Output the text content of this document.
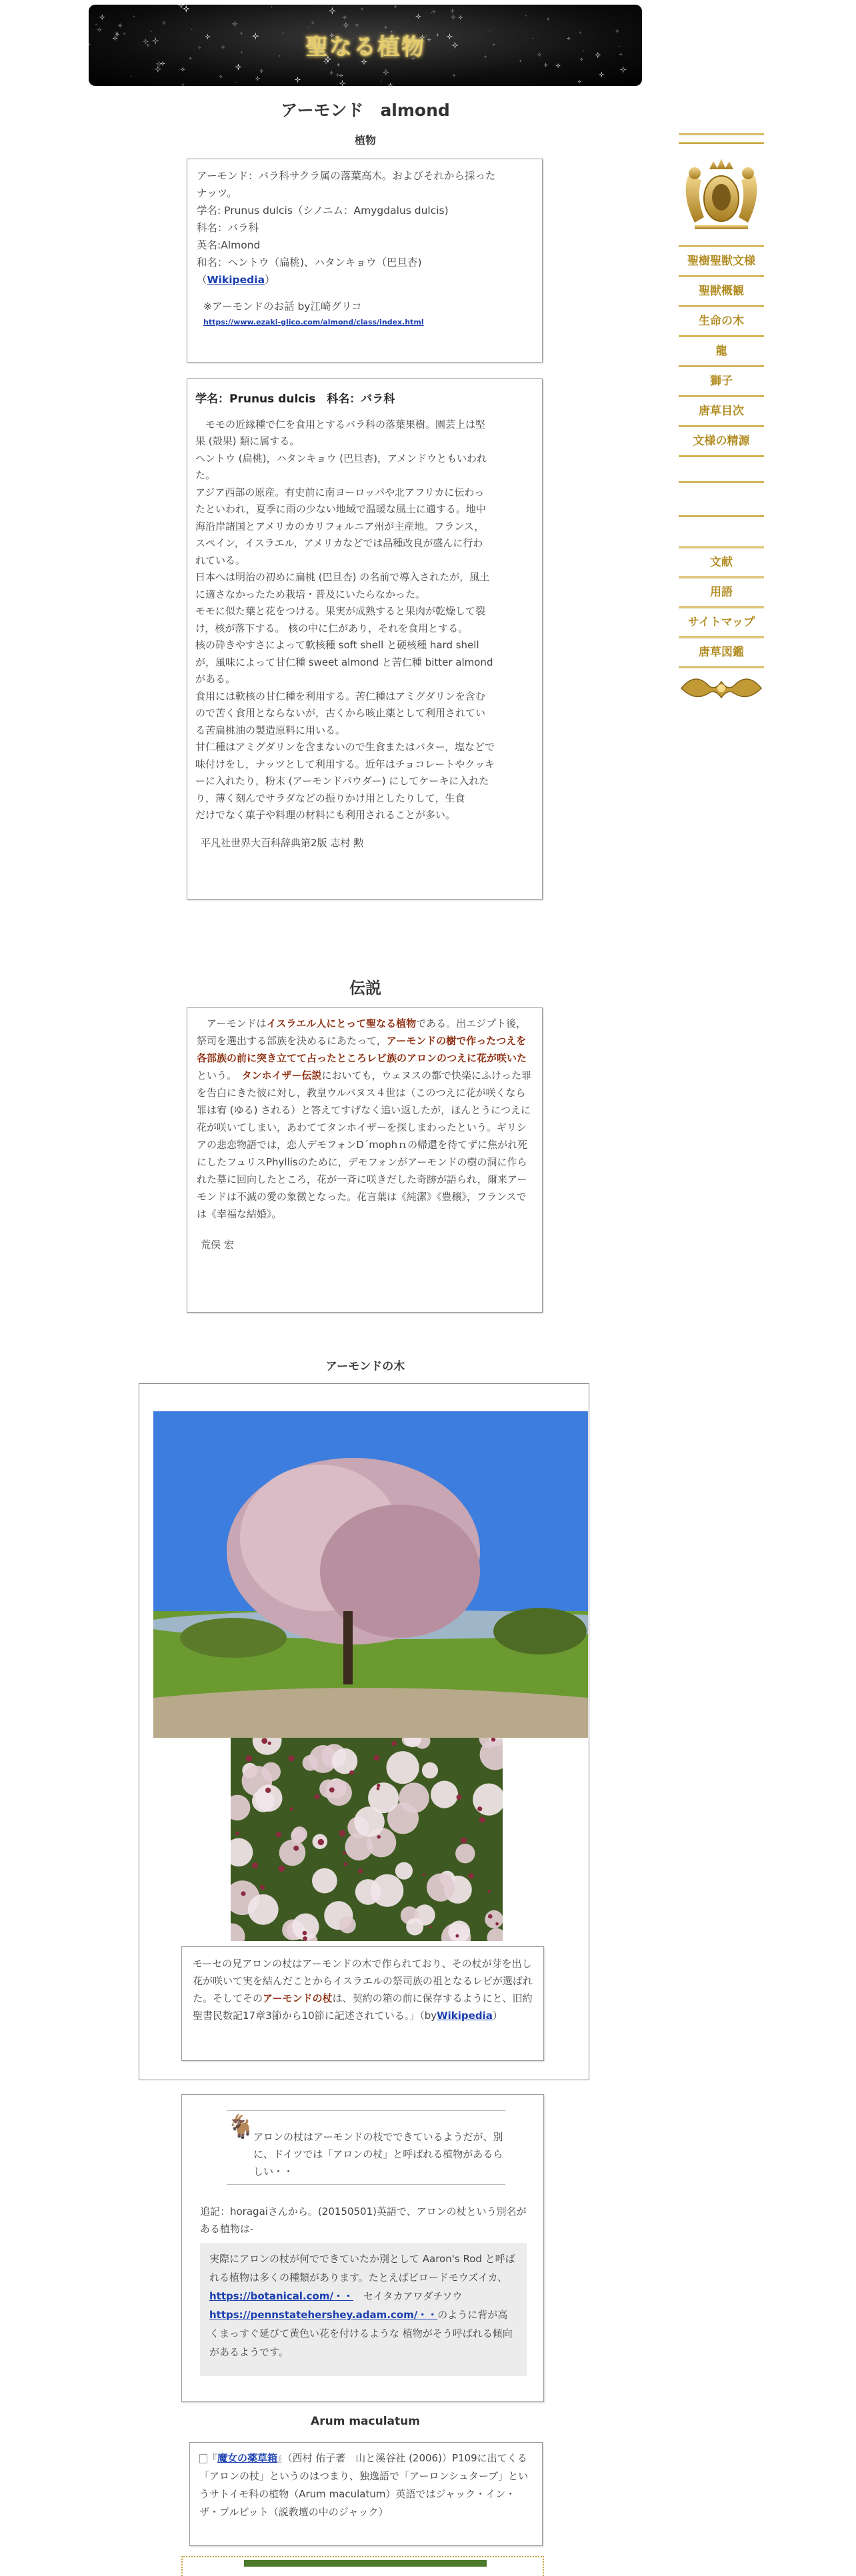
聖なる植物
アーモンド　almond
植物

アーモンド：バラ科サクラ属の落葉高木。およびそれから採った

ナッツ。

学名: Prunus dulcis（シノニム：Amygdalus dulcis)

科名：バラ科

英名:Almond

和名：ヘントウ（扁桃)、ハタンキョウ（巴旦杏)

（Wikipedia）

※アーモンドのお話 by江崎グリコ

https://www.ezaki-glico.com/almond/class/index.html

学名：Prunus dulcis　科名：バラ科

　モモの近縁種で仁を食用とするバラ科の落葉果樹。園芸上は堅

果 (殻果) 類に属する。

ヘントウ (扁桃)，ハタンキョウ (巴旦杏)，アメンドウともいわれ

た。

アジア西部の原産。有史前に南ヨーロッパや北アフリカに伝わっ

たといわれ，夏季に雨の少ない地域で温暖な風土に適する。地中

海沿岸諸国とアメリカのカリフォルニア州が主産地。フランス，

スペイン，イスラエル，アメリカなどでは品種改良が盛んに行わ

れている。

日本へは明治の初めに扁桃 (巴旦杏) の名前で導入されたが，風土

に適さなかったため栽培・普及にいたらなかった。

モモに似た葉と花をつける。果実が成熟すると果肉が乾燥して裂

け，核が落下する。 核の中に仁があり，それを食用とする。

核の砕きやすさによって軟核種 soft shell と硬核種 hard shell

が，風味によって甘仁種 sweet almond と苦仁種 bitter almond

がある。

食用には軟核の甘仁種を利用する。苦仁種はアミグダリンを含む

ので苦く食用とならないが，古くから咳止薬として利用されてい

る苦扁桃油の製造原料に用いる。

甘仁種はアミグダリンを含まないので生食またはバター，塩などで

味付けをし，ナッツとして利用する。近年はチョコレートやクッキ

ーに入れたり，粉末 (アーモンドパウダー) にしてケーキに入れた

り，薄く刻んでサラダなどの振りかけ用としたりして，生食

だけでなく菓子や料理の材料にも利用されることが多い。

平凡社世界大百科辞典第2版 志村 勲

伝説

　アーモンドはイスラエル人にとって聖なる植物である。出エジプト後，祭司を選出する部族を決めるにあたって，アーモンドの樹で作ったつえを各部族の前に突き立てて占ったところレビ族のアロンのつえに花が咲いたという。　 タンホイザー伝説においても，ウェヌスの都で快楽にふけった罪を告白にきた彼に対し，教皇ウルバヌス４世は（このつえに花が咲くなら罪は宥 (ゆる) される）と答えてすげなく追い返したが，ほんとうにつえに花が咲いてしまい，あわててタンホイザーを探しまわったという。ギリシアの悲恋物語では，恋人デモフォンD´mophｎの帰還を待てずに焦がれ死にしたフュリスPhyllisのために，デモフォンがアーモンドの樹の洞に作られた墓に回向したところ，花が一斉に咲きだした奇跡が語られ，爾来アーモンドは不滅の愛の象徴となった。花言葉は《純潔》《豊穣》，フランスでは《幸福な結婚》。

荒俣 宏

アーモンドの木

モーセの兄アロンの杖はアーモンドの木で作られており、その杖が芽を出し花が咲いて実を結んだことからイスラエルの祭司族の祖となるレビが選ばれた。そしてそのアーモンドの杖は、契約の箱の前に保存するようにと、旧約聖書民数記17章3節から10節に記述されている。」（byWikipedia）

🐐

アロンの杖はアーモンドの枝でできているようだが、別に、ドイツでは「アロンの杖」と呼ばれる植物があるらしい・・

追記：horagaiさんから。(20150501)英語で、アロンの杖という別名がある植物は-

実際にアロンの杖が何でできていたか別として Aaron's Rod と呼ばれる植物は多くの種類があります。たとえばビロードモウズイカ、https://botanical.com/・・　 セイタカアワダチソウhttps://pennstatehershey.adam.com/・・のように背が高くまっすぐ延びて黄色い花を付けるような 植物がそう呼ばれる傾向があるようです。
Arum maculatum
『魔女の薬草箱』（西村 佑子著　山と溪谷社 (2006)）P109に出てくる「アロンの杖」というのはつまり、独逸語で「アーロンシュターブ」というサトイモ科の植物（Arum maculatum）英語ではジャック・イン・ザ・プルピット（説教壇の中のジャック）
聖樹聖獣文様
聖獣概観
生命の木
龍
獅子
唐草目次
文様の精源
文献
用語
サイトマップ
唐草図鑑
